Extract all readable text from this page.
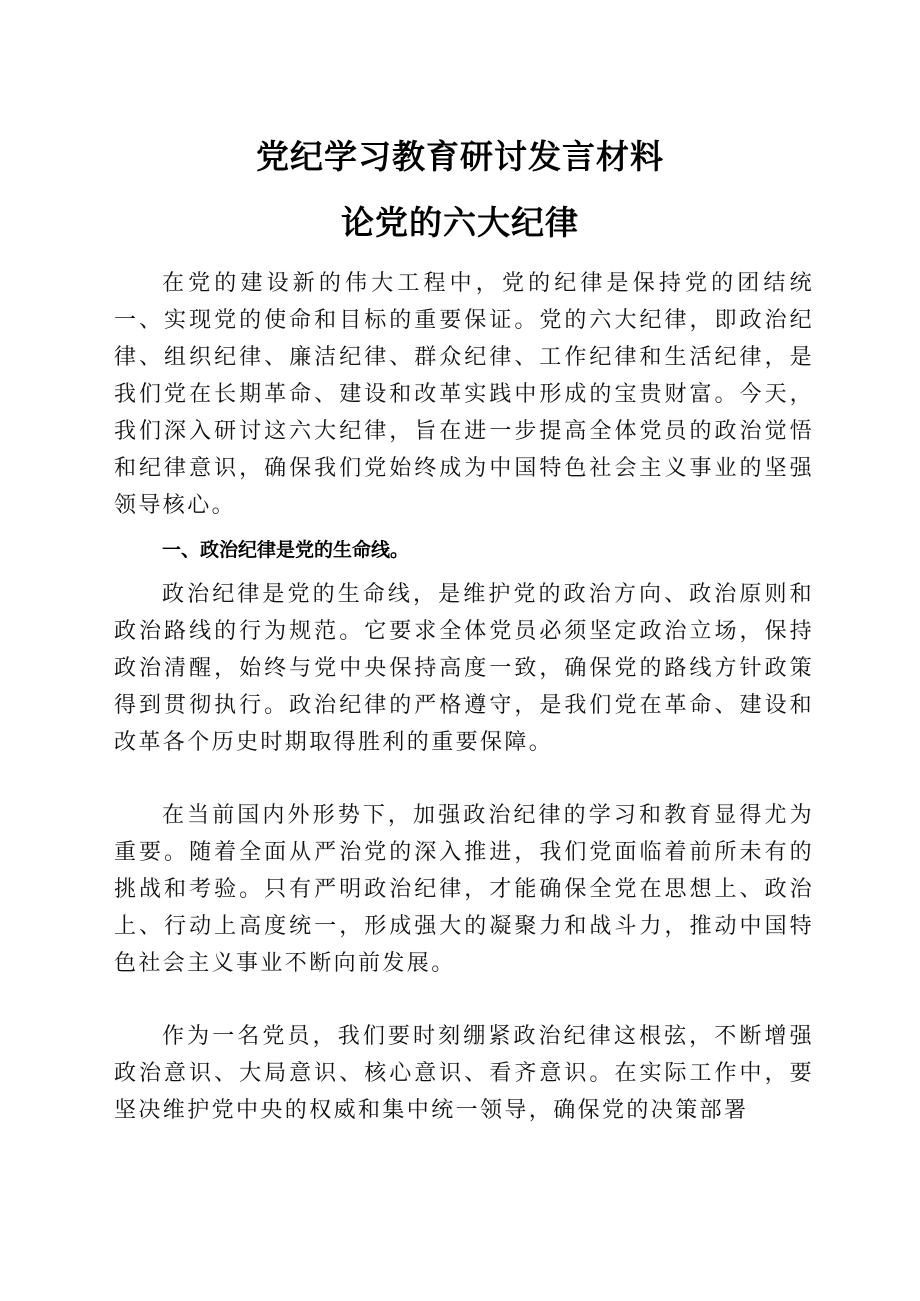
党纪学习教育研讨发言材料
论党的六大纪律

在党的建设新的伟大工程中，党的纪律是保持党的团结统一、实现党的使命和目标的重要保证。党的六大纪律，即政治纪律、组织纪律、廉洁纪律、群众纪律、工作纪律和生活纪律，是我们党在长期革命、建设和改革实践中形成的宝贵财富。今天，我们深入研讨这六大纪律，旨在进一步提高全体党员的政治觉悟和纪律意识，确保我们党始终成为中国特色社会主义事业的坚强领导核心。

一、政治纪律是党的生命线。

政治纪律是党的生命线，是维护党的政治方向、政治原则和政治路线的行为规范。它要求全体党员必须坚定政治立场，保持政治清醒，始终与党中央保持高度一致，确保党的路线方针政策得到贯彻执行。政治纪律的严格遵守，是我们党在革命、建设和改革各个历史时期取得胜利的重要保障。

在当前国内外形势下，加强政治纪律的学习和教育显得尤为重要。随着全面从严治党的深入推进，我们党面临着前所未有的挑战和考验。只有严明政治纪律，才能确保全党在思想上、政治上、行动上高度统一，形成强大的凝聚力和战斗力，推动中国特色社会主义事业不断向前发展。

作为一名党员，我们要时刻绷紧政治纪律这根弦，不断增强政治意识、大局意识、核心意识、看齐意识。在实际工作中，要坚决维护党中央的权威和集中统一领导，确保党的决策部署
